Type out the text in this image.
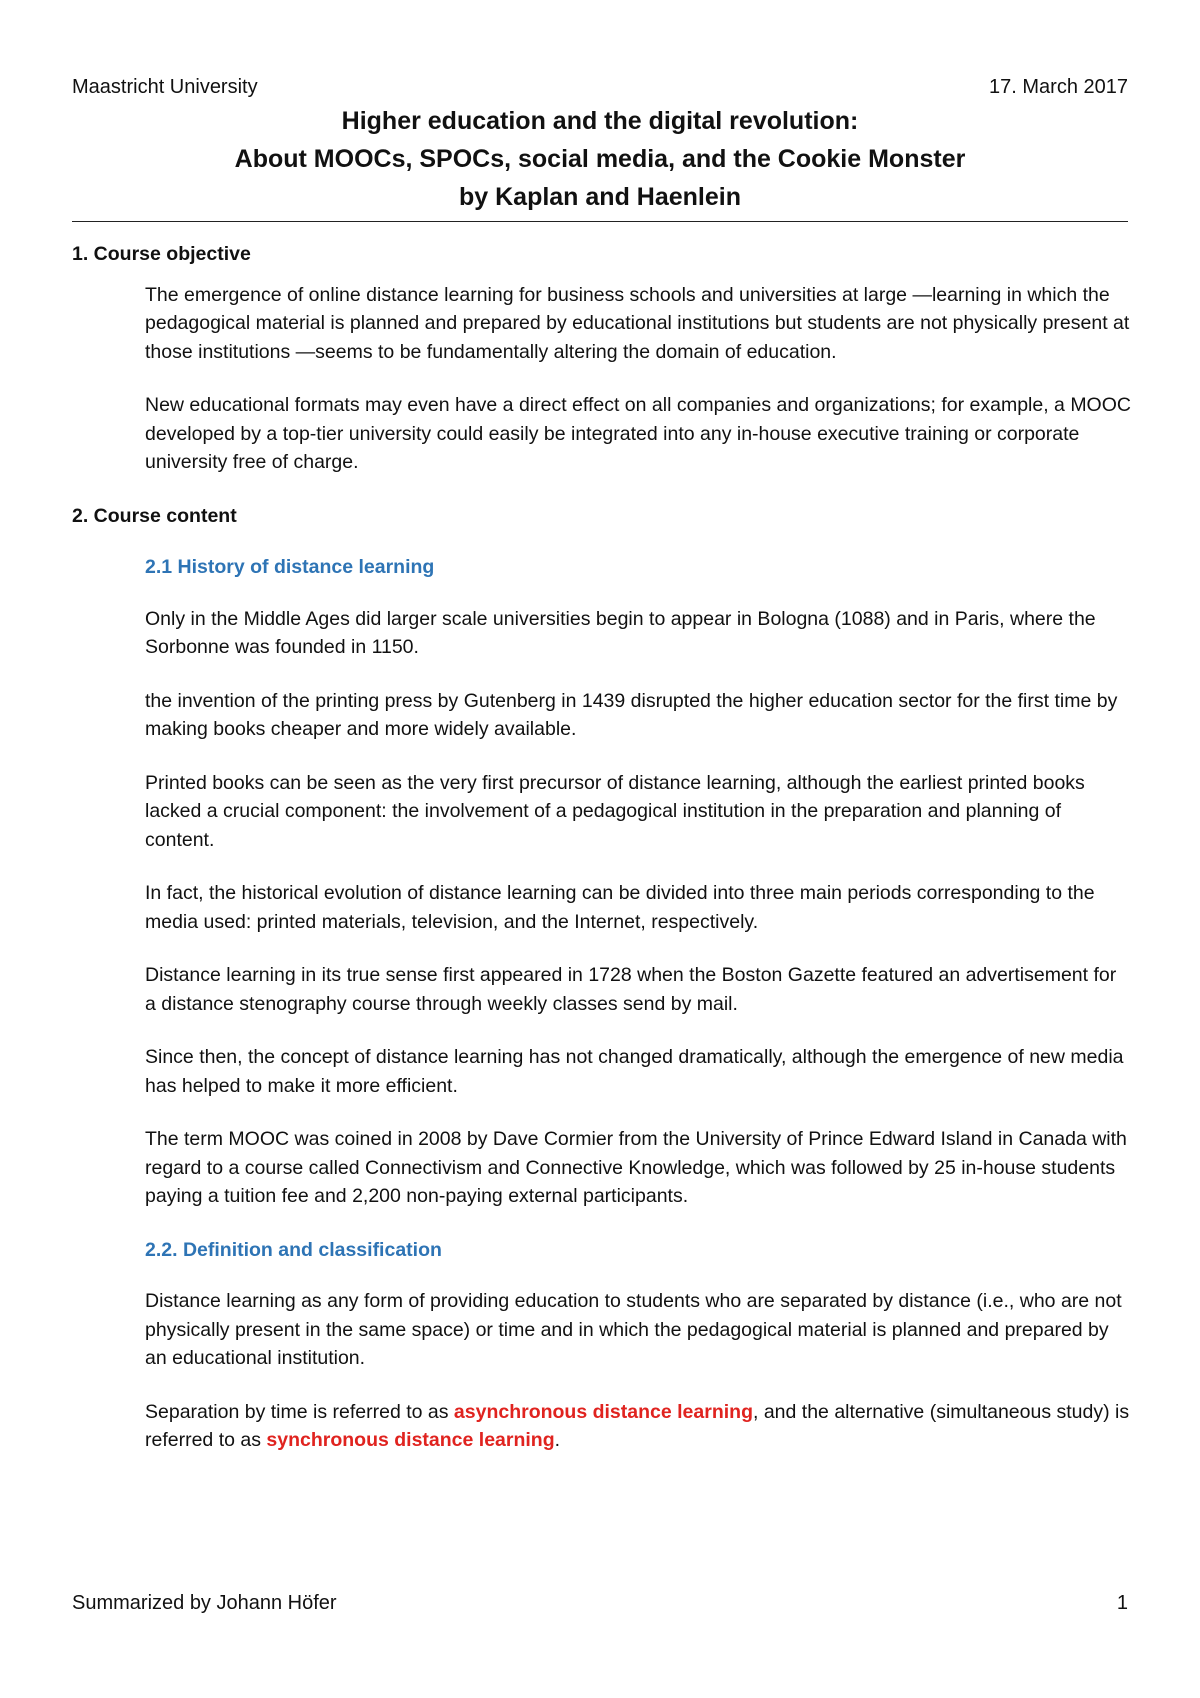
Maastricht University	17. March 2017
Higher education and the digital revolution:
About MOOCs, SPOCs, social media, and the Cookie Monster
by Kaplan and Haenlein
1. Course objective

The emergence of online distance learning for business schools and universities at large —learning in which the pedagogical material is planned and prepared by educational institutions but students are not physically present at those institutions —seems to be fundamentally altering the domain of education.

New educational formats may even have a direct effect on all companies and organizations; for example, a MOOC developed by a top-tier university could easily be integrated into any in-house executive training or corporate university free of charge.

2. Course content
2.1 History of distance learning

Only in the Middle Ages did larger scale universities begin to appear in Bologna (1088) and in Paris, where the Sorbonne was founded in 1150.

the invention of the printing press by Gutenberg in 1439 disrupted the higher education sector for the first time by making books cheaper and more widely available.

Printed books can be seen as the very first precursor of distance learning, although the earliest printed books lacked a crucial component: the involvement of a pedagogical institution in the preparation and planning of content.

In fact, the historical evolution of distance learning can be divided into three main periods corresponding to the media used: printed materials, television, and the Internet, respectively.

Distance learning in its true sense first appeared in 1728 when the Boston Gazette featured an advertisement for a distance stenography course through weekly classes send by mail.

Since then, the concept of distance learning has not changed dramatically, although the emergence of new media has helped to make it more efficient.

The term MOOC was coined in 2008 by Dave Cormier from the University of Prince Edward Island in Canada with regard to a course called Connectivism and Connective Knowledge, which was followed by 25 in-house students paying a tuition fee and 2,200 non-paying external participants.

2.2. Definition and classification

Distance learning as any form of providing education to students who are separated by distance (i.e., who are not physically present in the same space) or time and in which the pedagogical material is planned and prepared by an educational institution.

Separation by time is referred to as asynchronous distance learning, and the alternative (simultaneous study) is referred to as synchronous distance learning.

Summarized by Johann Höfer	1
